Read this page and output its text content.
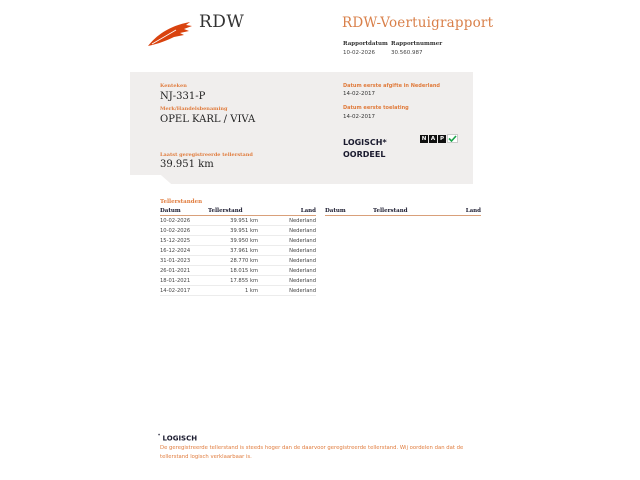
RDW	RDW-Voertuigrapport
Rapportdatum
10-02-2026
Rapportnummer
30.560.987
Kenteken
NJ-331-P
Merk/Handelsbenaming
OPEL KARL / VIVA
Laatst geregistreerde tellerstand
39.951 km
Datum eerste afgifte in Nederland
14-02-2017
Datum eerste toelating
14-02-2017
LOGISCH*
OORDEEL
N A P
Tellerstanden
Datum	Tellerstand	Land
10-02-2026	39.951 km	Nederland
10-02-2026	39.951 km	Nederland
15-12-2025	39.950 km	Nederland
16-12-2024	37.961 km	Nederland
31-01-2023	28.770 km	Nederland
26-01-2021	18.015 km	Nederland
18-01-2021	17.855 km	Nederland
14-02-2017	1 km	Nederland
Datum	Tellerstand	Land
* LOGISCH
De geregistreerde tellerstand is steeds hoger dan de daarvoor geregistreerde tellerstand. Wij oordelen dan dat de tellerstand logisch verklaarbaar is.
